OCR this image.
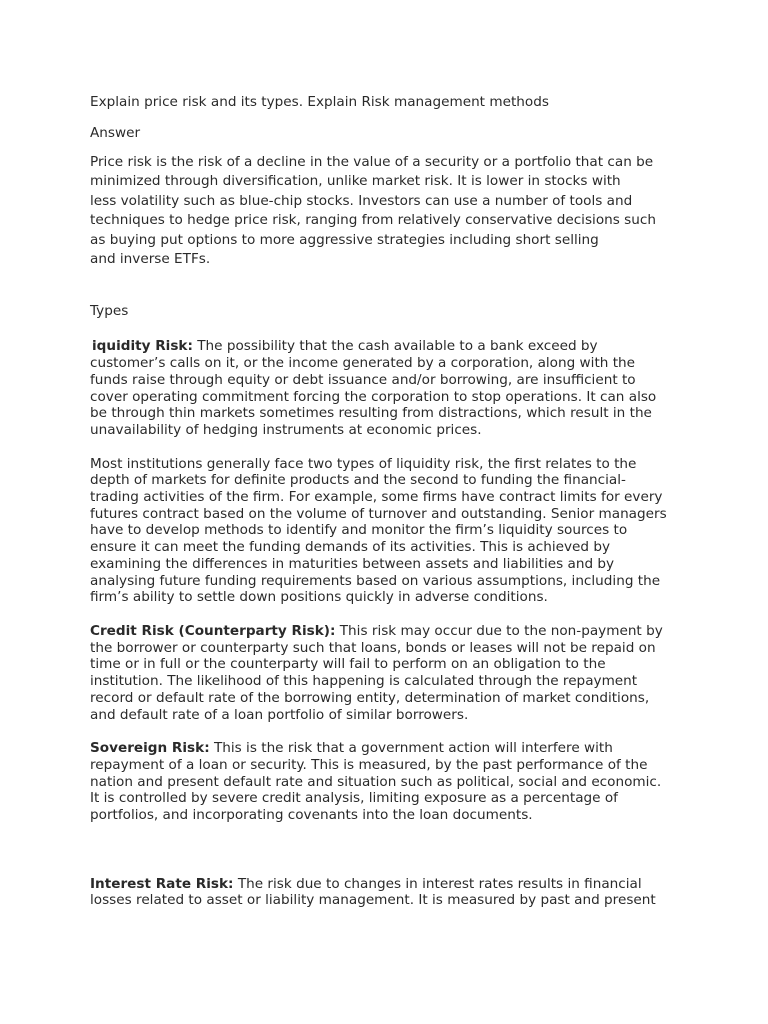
Explain price risk and its types. Explain Risk management methods

Answer

Price risk is the risk of a decline in the value of a security or a portfolio that can be
minimized through diversification, unlike market risk. It is lower in stocks with
less volatility such as blue-chip stocks. Investors can use a number of tools and
techniques to hedge price risk, ranging from relatively conservative decisions such
as buying put options to more aggressive strategies including short selling
and inverse ETFs.

Types

iquidity Risk: The possibility that the cash available to a bank exceed by
customer’s calls on it, or the income generated by a corporation, along with the
funds raise through equity or debt issuance and/or borrowing, are insufficient to
cover operating commitment forcing the corporation to stop operations. It can also
be through thin markets sometimes resulting from distractions, which result in the
unavailability of hedging instruments at economic prices.

Most institutions generally face two types of liquidity risk, the first relates to the
depth of markets for definite products and the second to funding the financial-
trading activities of the firm. For example, some firms have contract limits for every
futures contract based on the volume of turnover and outstanding. Senior managers
have to develop methods to identify and monitor the firm’s liquidity sources to
ensure it can meet the funding demands of its activities. This is achieved by
examining the differences in maturities between assets and liabilities and by
analysing future funding requirements based on various assumptions, including the
firm’s ability to settle down positions quickly in adverse conditions.

Credit Risk (Counterparty Risk): This risk may occur due to the non-payment by
the borrower or counterparty such that loans, bonds or leases will not be repaid on
time or in full or the counterparty will fail to perform on an obligation to the
institution. The likelihood of this happening is calculated through the repayment
record or default rate of the borrowing entity, determination of market conditions,
and default rate of a loan portfolio of similar borrowers.

Sovereign Risk: This is the risk that a government action will interfere with
repayment of a loan or security. This is measured, by the past performance of the
nation and present default rate and situation such as political, social and economic.
It is controlled by severe credit analysis, limiting exposure as a percentage of
portfolios, and incorporating covenants into the loan documents.

Interest Rate Risk: The risk due to changes in interest rates results in financial
losses related to asset or liability management. It is measured by past and present
